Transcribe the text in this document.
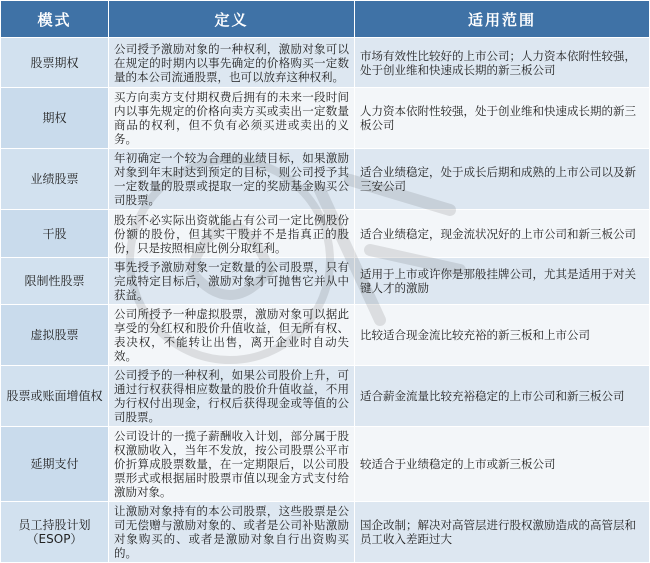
模式	定义	适用范围
股票期权	公司授予激励对象的一种权利，激励对象可以在规定的时期内以事先确定的价格购买一定数量的本公司流通股票，也可以放弃这种权利。	市场有效性比较好的上市公司；人力资本依附性较强，处于创业维和快速成长期的新三板公司
期权	买方向卖方支付期权费后拥有的未来一段时间内以事先规定的价格向卖方买或卖出一定数量商品的权利，但不负有必须买进或卖出的义务。	人力资本依附性较强，处于创业维和快速成长期的新三板公司
业绩股票	年初确定一个较为合理的业绩目标，如果激励对象到年末时达到预定的目标，则公司授予其一定数量的股票或提取一定的奖励基金购买公司股票。	适合业绩稳定，处于成长后期和成熟的上市公司以及新三安公司
干股	股东不必实际出资就能占有公司一定比例股份份额的股份，但其实干股并不是指真正的股份，只是按照相应比例分取红利。	适合业绩稳定，现金流状况好的上市公司和新三板公司
限制性股票	事先授予激励对象一定数量的公司股票，只有完成特定目标后，激励对象才可抛售它并从中获益。	适用于上市或许你是那般挂牌公司，尤其是适用于对关键人才的激励
虚拟股票	公司所授予一种虚拟股票，激励对象可以据此享受的分红权和股价升值收益，但无所有权、表决权，不能转让出售，离开企业时自动失效。	比较适合现金流比较充裕的新三板和上市公司
股票或账面增值权	公司授予的一种权利，如果公司股价上升，可通过行权获得相应数量的股价升值收益，不用为行权付出现金，行权后获得现金或等值的公司股票。	适合薪金流量比较充裕稳定的上市公司和新三板公司
延期支付	公司设计的一揽子薪酬收入计划，部分属于股权激励收入，当年不发放，按公司股票公平市价折算成股票数量，在一定期限后，以公司股票形式或根据届时股票市值以现金方式支付给激励对象。	较适合于业绩稳定的上市或新三板公司
员工持股计划（ESOP）	让激励对象持有的本公司股票，这些股票是公司无偿赠与激励对象的、或者是公司补贴激励对象购买的、或者是激励对象自行出资购买的。	国企改制；解决对高管层进行股权激励造成的高管层和员工收入差距过大
